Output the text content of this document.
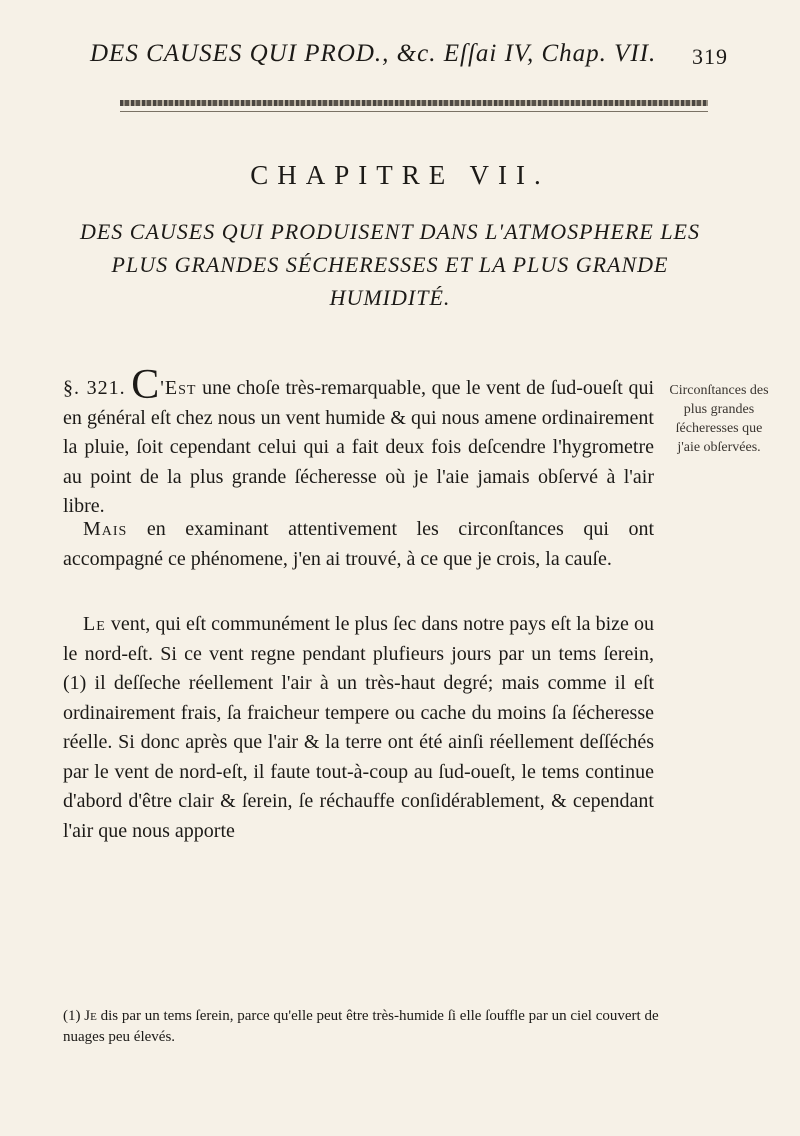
DES CAUSES QUI PROD., &c. Eſſai IV, Chap. VII. 319
CHAPITRE VII.
DES CAUSES QUI PRODUISENT DANS L'ATMOSPHERE LES PLUS GRANDES SÉCHERESSES ET LA PLUS GRANDE HUMIDITÉ.

§. 321. C'Est une choſe très-remarquable, que le vent de ſud-oueſt qui en général eſt chez nous un vent humide & qui nous amene ordinairement la pluie, ſoit cependant celui qui a fait deux fois deſcendre l'hygrometre au point de la plus grande ſécheresse où je l'aie jamais obſervé à l'air libre.

 Mais en examinant attentivement les circonſtances qui ont accompagné ce phénomene, j'en ai trouvé, à ce que je crois, la cauſe.

 Le vent, qui eſt communément le plus ſec dans notre pays eſt la bize ou le nord-eſt. Si ce vent regne pendant plufieurs jours par un tems ſerein, (1) il deſſeche réellement l'air à un très-haut degré; mais comme il eſt ordinairement frais, ſa fraicheur tempere ou cache du moins ſa ſécheresse réelle. Si donc après que l'air & la terre ont été ainſi réellement deſſéchés par le vent de nord-eſt, il faute tout-à-coup au ſud-oueſt, le tems continue d'abord d'être clair & ſerein, ſe réchauffe conſidérablement, & cependant l'air que nous apporte

Circonſtances des plus grandes ſécheresses que j'aie obſervées.
(1) Je dis par un tems ſerein, parce qu'elle peut être très-humide ſi elle ſouffle par un ciel couvert de nuages peu élevés.
